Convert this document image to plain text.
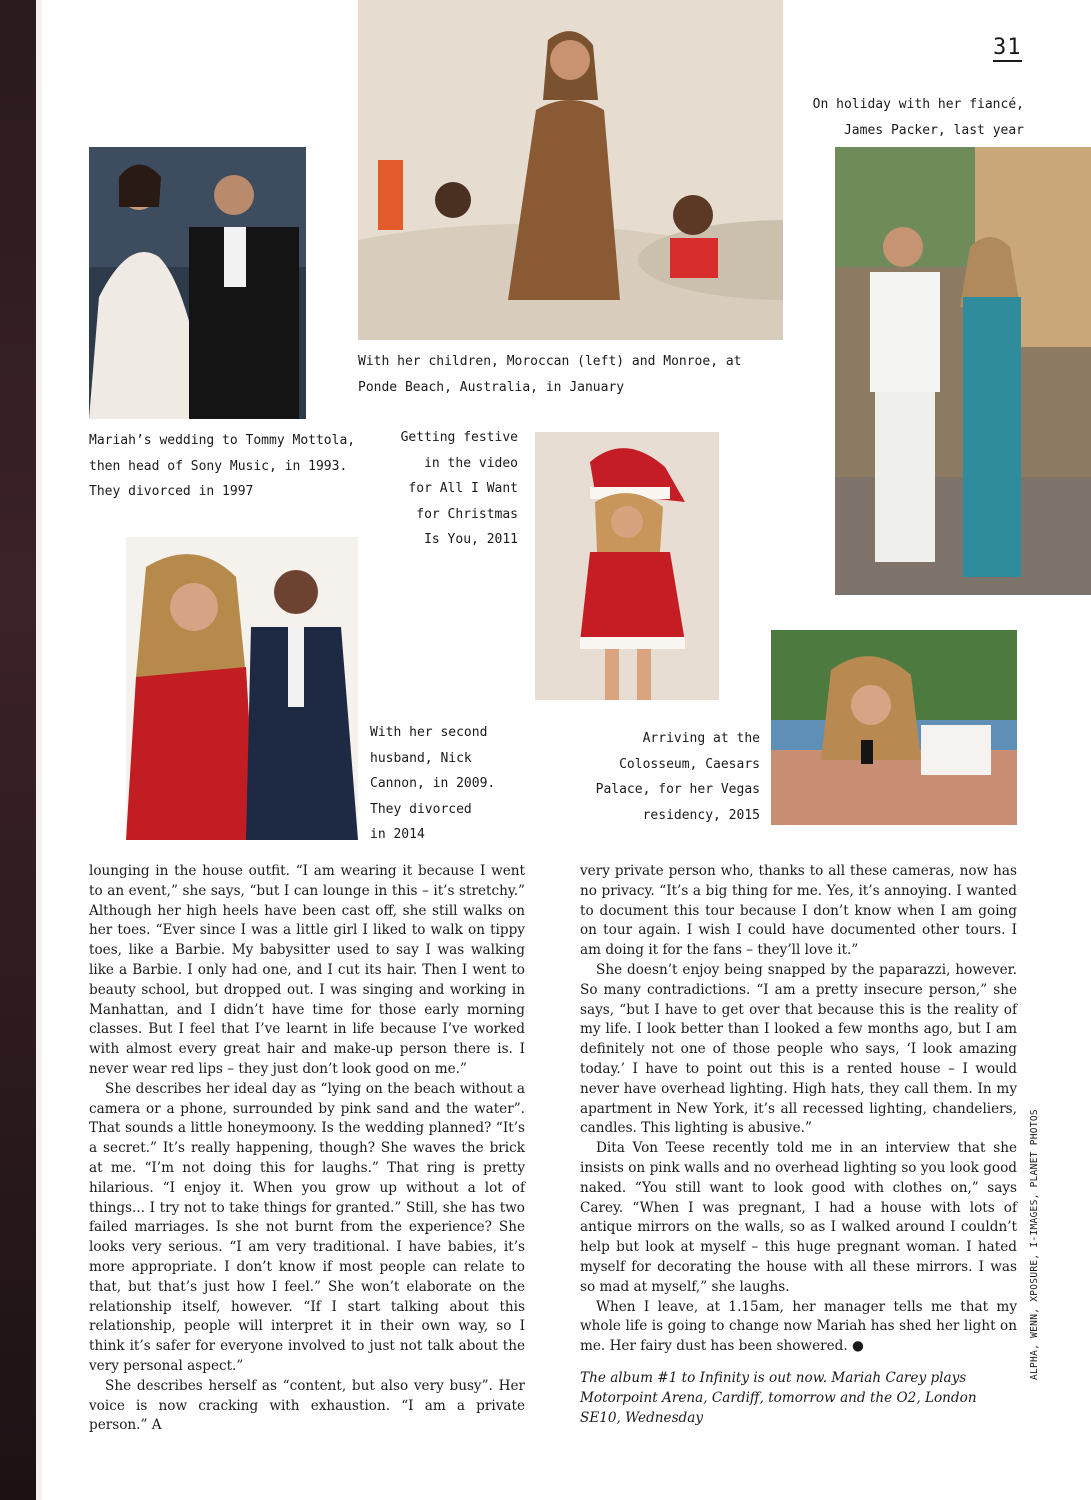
31
Mariah’s wedding to Tommy Mottola,
then head of Sony Music, in 1993.
They divorced in 1997
With her children, Moroccan (left) and Monroe, at
Ponde Beach, Australia, in January
On holiday with her fiancé,
James Packer, last year
Getting festive
in the video
for All I Want
for Christmas
Is You, 2011
With her second
husband, Nick
Cannon, in 2009.
They divorced
in 2014
Arriving at the
Colosseum, Caesars
Palace, for her Vegas
residency, 2015

lounging in the house outfit. “I am wearing it because I went to an event,” she says, “but I can lounge in this – it’s stretchy.” Although her high heels have been cast off, she still walks on her toes. “Ever since I was a little girl I liked to walk on tippy toes, like a Barbie. My babysitter used to say I was walking like a Barbie. I only had one, and I cut its hair. Then I went to beauty school, but dropped out. I was singing and working in Manhattan, and I didn’t have time for those early morning classes. But I feel that I’ve learnt in life because I’ve worked with almost every great hair and make-up person there is. I never wear red lips – they just don’t look good on me.”

She describes her ideal day as “lying on the beach without a camera or a phone, surrounded by pink sand and the water”. That sounds a little honeymoony. Is the wedding planned? “It’s a secret.” It’s really happening, though? She waves the brick at me. “I’m not doing this for laughs.” That ring is pretty hilarious. “I enjoy it. When you grow up without a lot of things... I try not to take things for granted.” Still, she has two failed marriages. Is she not burnt from the experience? She looks very serious. “I am very traditional. I have babies, it’s more appropriate. I don’t know if most people can relate to that, but that’s just how I feel.” She won’t elaborate on the relationship itself, however. “If I start talking about this relationship, people will interpret it in their own way, so I think it’s safer for everyone involved to just not talk about the very personal aspect.”

She describes herself as “content, but also very busy”. Her voice is now cracking with exhaustion. “I am a private person.” A

very private person who, thanks to all these cameras, now has no privacy. “It’s a big thing for me. Yes, it’s annoying. I wanted to document this tour because I don’t know when I am going on tour again. I wish I could have documented other tours. I am doing it for the fans – they’ll love it.”

She doesn’t enjoy being snapped by the paparazzi, however. So many contradictions. “I am a pretty insecure person,” she says, “but I have to get over that because this is the reality of my life. I look better than I looked a few months ago, but I am definitely not one of those people who says, ‘I look amazing today.’ I have to point out this is a rented house – I would never have overhead lighting. High hats, they call them. In my apartment in New York, it’s all recessed lighting, chandeliers, candles. This lighting is abusive.”

Dita Von Teese recently told me in an interview that she insists on pink walls and no overhead lighting so you look good naked. “You still want to look good with clothes on,” says Carey. “When I was pregnant, I had a house with lots of antique mirrors on the walls, so as I walked around I couldn’t help but look at myself – this huge pregnant woman. I hated myself for decorating the house with all these mirrors. I was so mad at myself,” she laughs.

When I leave, at 1.15am, her manager tells me that my whole life is going to change now Mariah has shed her light on me. Her fairy dust has been showered. ●

The album #1 to Infinity is out now. Mariah Carey plays Motorpoint Arena, Cardiff, tomorrow and the O2, London SE10, Wednesday

ALPHA, WENN, XPOSURE, I-IMAGES, PLANET PHOTOS
